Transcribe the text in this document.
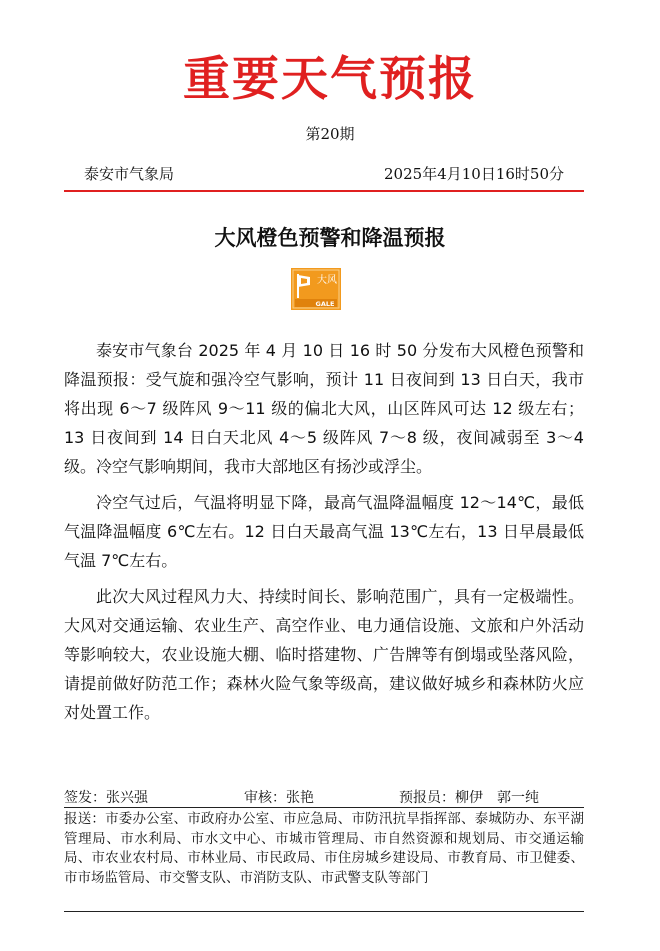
重要天气预报
第20期
泰安市气象局	2025年4月10日16时50分
大风橙色预警和降温预报
大风
GALE

泰安市气象台 2025 年 4 月 10 日 16 时 50 分发布大风橙色预警和降温预报：受气旋和强冷空气影响，预计 11 日夜间到 13 日白天，我市将出现 6～7 级阵风 9～11 级的偏北大风，山区阵风可达 12 级左右；13 日夜间到 14 日白天北风 4～5 级阵风 7～8 级，夜间减弱至 3～4 级。冷空气影响期间，我市大部地区有扬沙或浮尘。

冷空气过后，气温将明显下降，最高气温降温幅度 12～14℃，最低气温降温幅度 6℃左右。12 日白天最高气温 13℃左右，13 日早晨最低气温 7℃左右。

此次大风过程风力大、持续时间长、影响范围广，具有一定极端性。大风对交通运输、农业生产、高空作业、电力通信设施、文旅和户外活动等影响较大，农业设施大棚、临时搭建物、广告牌等有倒塌或坠落风险，请提前做好防范工作；森林火险气象等级高，建议做好城乡和森林防火应对处置工作。

签发：张兴强	审核：张艳	预报员：柳伊　郭一纯
报送：市委办公室、市政府办公室、市应急局、市防汛抗旱指挥部、泰城防办、东平湖管理局、市水利局、市水文中心、市城市管理局、市自然资源和规划局、市交通运输局、市农业农村局、市林业局、市民政局、市住房城乡建设局、市教育局、市卫健委、市市场监管局、市交警支队、市消防支队、市武警支队等部门
